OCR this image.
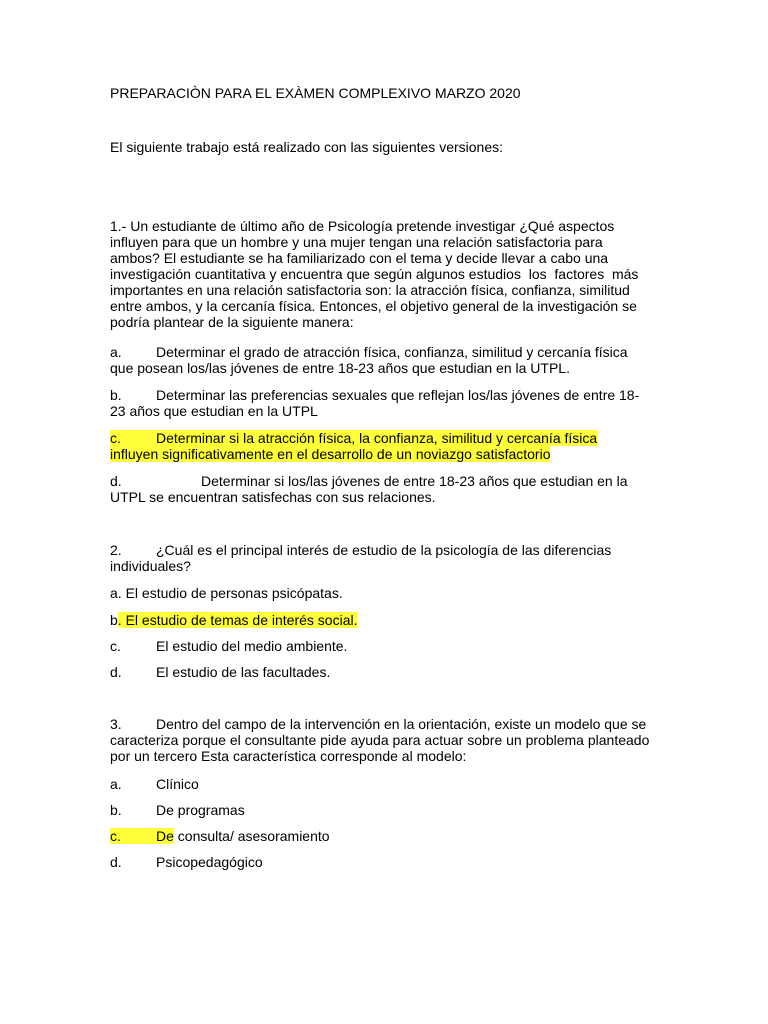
PREPARACIÒN PARA EL EXÀMEN COMPLEXIVO MARZO 2020
El siguiente trabajo está realizado con las siguientes versiones:
1.- Un estudiante de último año de Psicología pretende investigar ¿Qué aspectos
influyen para que un hombre y una mujer tengan una relación satisfactoria para
ambos? El estudiante se ha familiarizado con el tema y decide llevar a cabo una
investigación cuantitativa y encuentra que según algunos estudios  los  factores  más
importantes en una relación satisfactoria son: la atracción física, confianza, similitud
entre ambos, y la cercanía física. Entonces, el objetivo general de la investigación se
podría plantear de la siguiente manera:
a. Determinar el grado de atracción física, confianza, similitud y cercanía física
que posean los/las jóvenes de entre 18-23 años que estudian en la UTPL.
b. Determinar las preferencias sexuales que reflejan los/las jóvenes de entre 18-
23 años que estudian en la UTPL
c.	Determinar si la atracción física, la confianza, similitud y cercanía física
influyen significativamente en el desarrollo de un noviazgo satisfactorio
d.	Determinar si los/las jóvenes de entre 18-23 años que estudian en la
UTPL se encuentran satisfechas con sus relaciones.
2. ¿Cuál es el principal interés de estudio de la psicología de las diferencias
individuales?
a. El estudio de personas psicópatas.
b. El estudio de temas de interés social.
c.	El estudio del medio ambiente.
d. El estudio de las facultades.
3. Dentro del campo de la intervención en la orientación, existe un modelo que se
caracteriza porque el consultante pide ayuda para actuar sobre un problema planteado
por un tercero Esta característica corresponde al modelo:
a. Clínico
b. De programas
c.	De consulta/ asesoramiento
d. Psicopedagógico
